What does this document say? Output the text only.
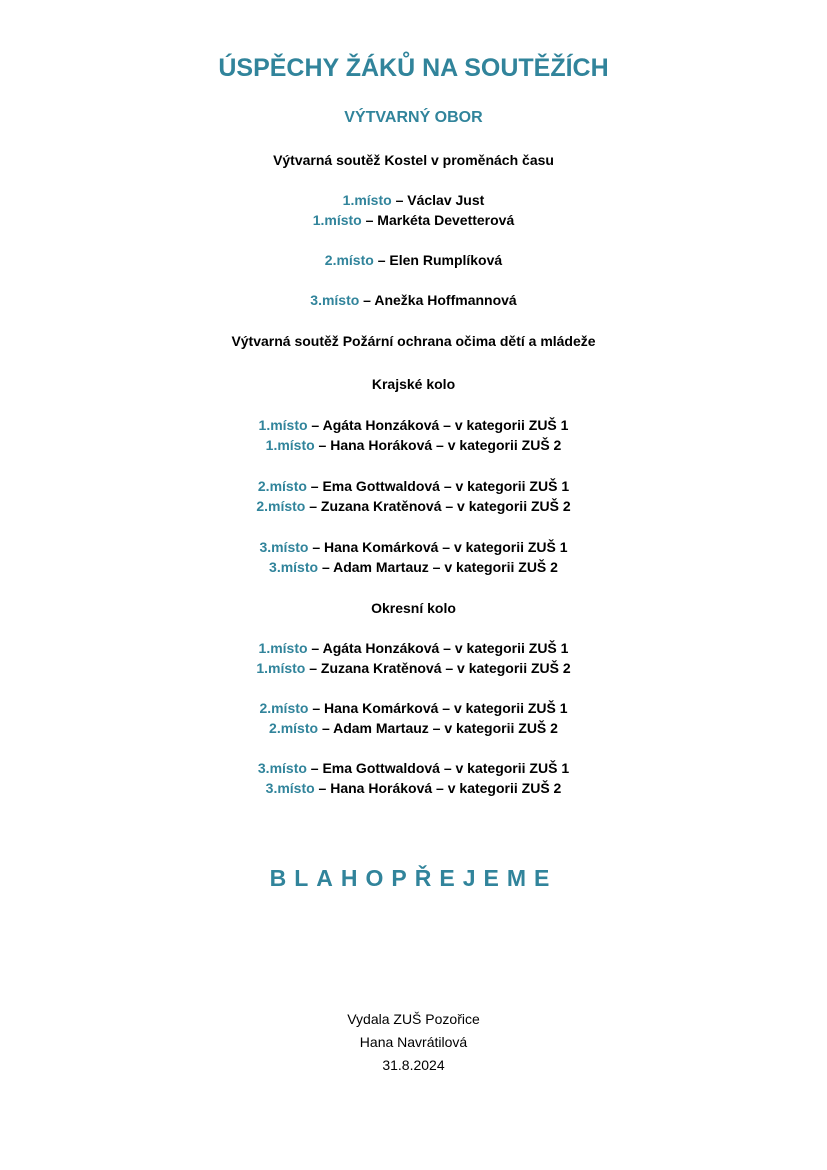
ÚSPĚCHY ŽÁKŮ NA SOUTĚŽÍCH
VÝTVARNÝ OBOR
Výtvarná soutěž Kostel v proměnách času
1.místo – Václav Just
1.místo – Markéta Devetterová
2.místo – Elen Rumplíková
3.místo – Anežka Hoffmannová
Výtvarná soutěž Požární ochrana očima dětí a mládeže
Krajské kolo
1.místo – Agáta Honzáková – v kategorii ZUŠ 1
1.místo – Hana Horáková – v kategorii ZUŠ 2
2.místo – Ema Gottwaldová – v kategorii ZUŠ 1
2.místo – Zuzana Kratěnová – v kategorii ZUŠ 2
3.místo – Hana Komárková – v kategorii ZUŠ 1
3.místo – Adam Martauz – v kategorii ZUŠ 2
Okresní kolo
1.místo – Agáta Honzáková – v kategorii ZUŠ 1
1.místo – Zuzana Kratěnová – v kategorii ZUŠ 2
2.místo – Hana Komárková – v kategorii ZUŠ 1
2.místo – Adam Martauz – v kategorii ZUŠ 2
3.místo – Ema Gottwaldová – v kategorii ZUŠ 1
3.místo – Hana Horáková – v kategorii ZUŠ 2
BLAHOPŘEJEME
Vydala ZUŠ Pozořice
Hana Navrátilová
31.8.2024
